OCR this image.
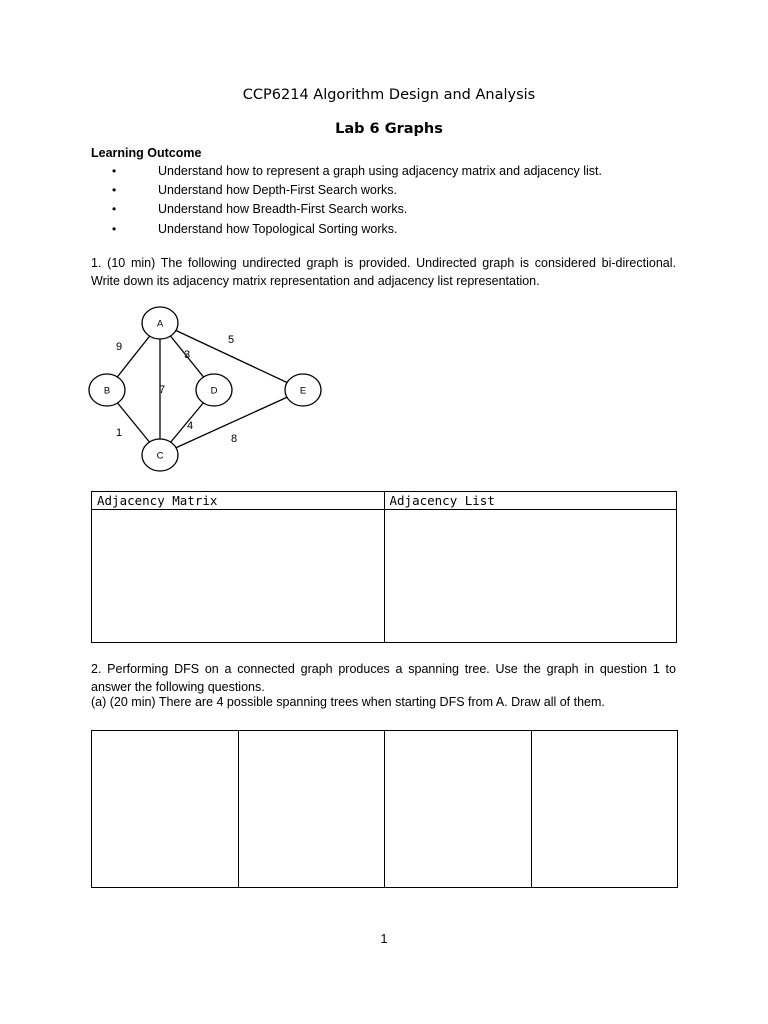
CCP6214 Algorithm Design and Analysis
Lab 6 Graphs
Learning Outcome
•	Understand how to represent a graph using adjacency matrix and adjacency list.
•	Understand how Depth-First Search works.
•	Understand how Breadth-First Search works.
•	Understand how Topological Sorting works.
1. (10 min) The following undirected graph is provided. Undirected graph is considered bi-directional. Write down its adjacency matrix representation and adjacency list representation.
A
B
C
D	E
9
7
3
5
1
4
8
Adjacency Matrix	Adjacency List

2. Performing DFS on a connected graph produces a spanning tree. Use the graph in question 1 to answer the following questions.
(a) (20 min) There are 4 possible spanning trees when starting DFS from A. Draw all of them.

1
